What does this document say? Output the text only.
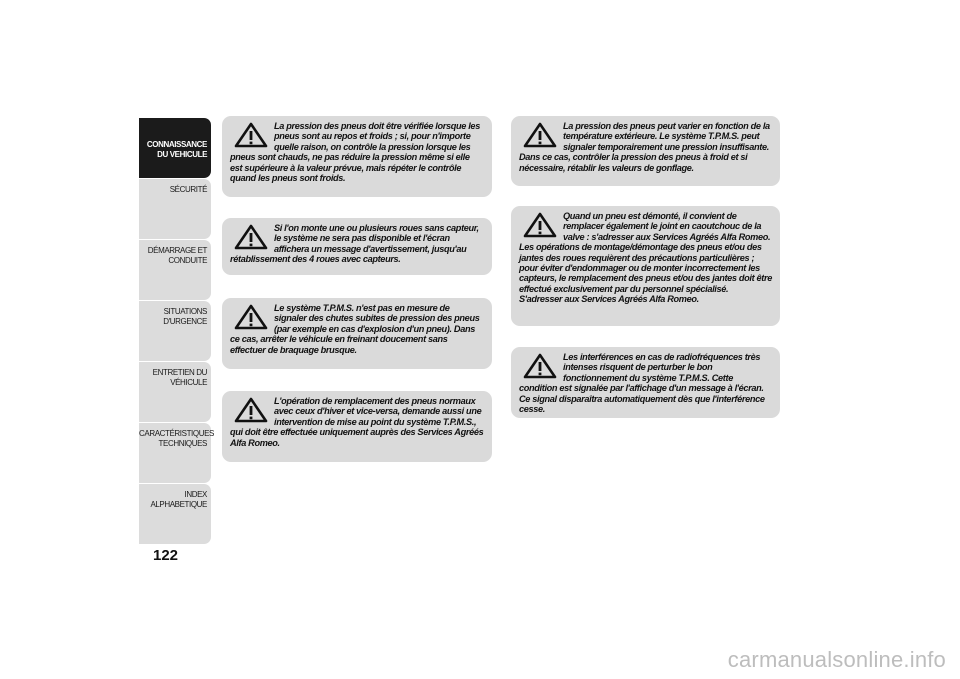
CONNAISSANCE
DU VEHICULE
SÉCURITÉ
DÉMARRAGE ET
CONDUITE
SITUATIONS
D'URGENCE
ENTRETIEN DU
VÉHICULE
CARACTÉRISTIQUES
TECHNIQUES
INDEX
ALPHABETIQUE
122
La pression des pneus doit être vérifiée lorsque les pneus sont au repos et froids ; si, pour n'importe quelle raison, on contrôle la pression lorsque les pneus sont chauds, ne pas réduire la pression même si elle est supérieure à la valeur prévue, mais répéter le contrôle quand les pneus sont froids.
Si l'on monte une ou plusieurs roues sans capteur, le système ne sera pas disponible et l'écran affichera un message d'avertissement, jusqu'au rétablissement des 4 roues avec capteurs.
Le système T.P.M.S. n'est pas en mesure de signaler des chutes subites de pression des pneus (par exemple en cas d'explosion d'un pneu). Dans ce cas, arrêter le véhicule en freinant doucement sans effectuer de braquage brusque.
L'opération de remplacement des pneus normaux avec ceux d'hiver et vice-versa, demande aussi une intervention de mise au point du système T.P.M.S., qui doit être effectuée uniquement auprès des Services Agréés Alfa Romeo.
La pression des pneus peut varier en fonction de la température extérieure. Le système T.P.M.S. peut signaler temporairement une pression insuffisante. Dans ce cas, contrôler la pression des pneus à froid et si nécessaire, rétablir les valeurs de gonflage.
Quand un pneu est démonté, il convient de remplacer également le joint en caoutchouc de la valve : s'adresser aux Services Agréés Alfa Romeo. Les opérations de montage/démontage des pneus et/ou des jantes des roues requièrent des précautions particulières ; pour éviter d'endommager ou de monter incorrectement les capteurs, le remplacement des pneus et/ou des jantes doit être effectué exclusivement par du personnel spécialisé. S'adresser aux Services Agréés Alfa Romeo.
Les interférences en cas de radiofréquences très intenses risquent de perturber le bon fonctionnement du système T.P.M.S. Cette condition est signalée par l'affichage d'un message à l'écran. Ce signal disparaîtra automatiquement dès que l'interférence cesse.
carmanualsonline.info
